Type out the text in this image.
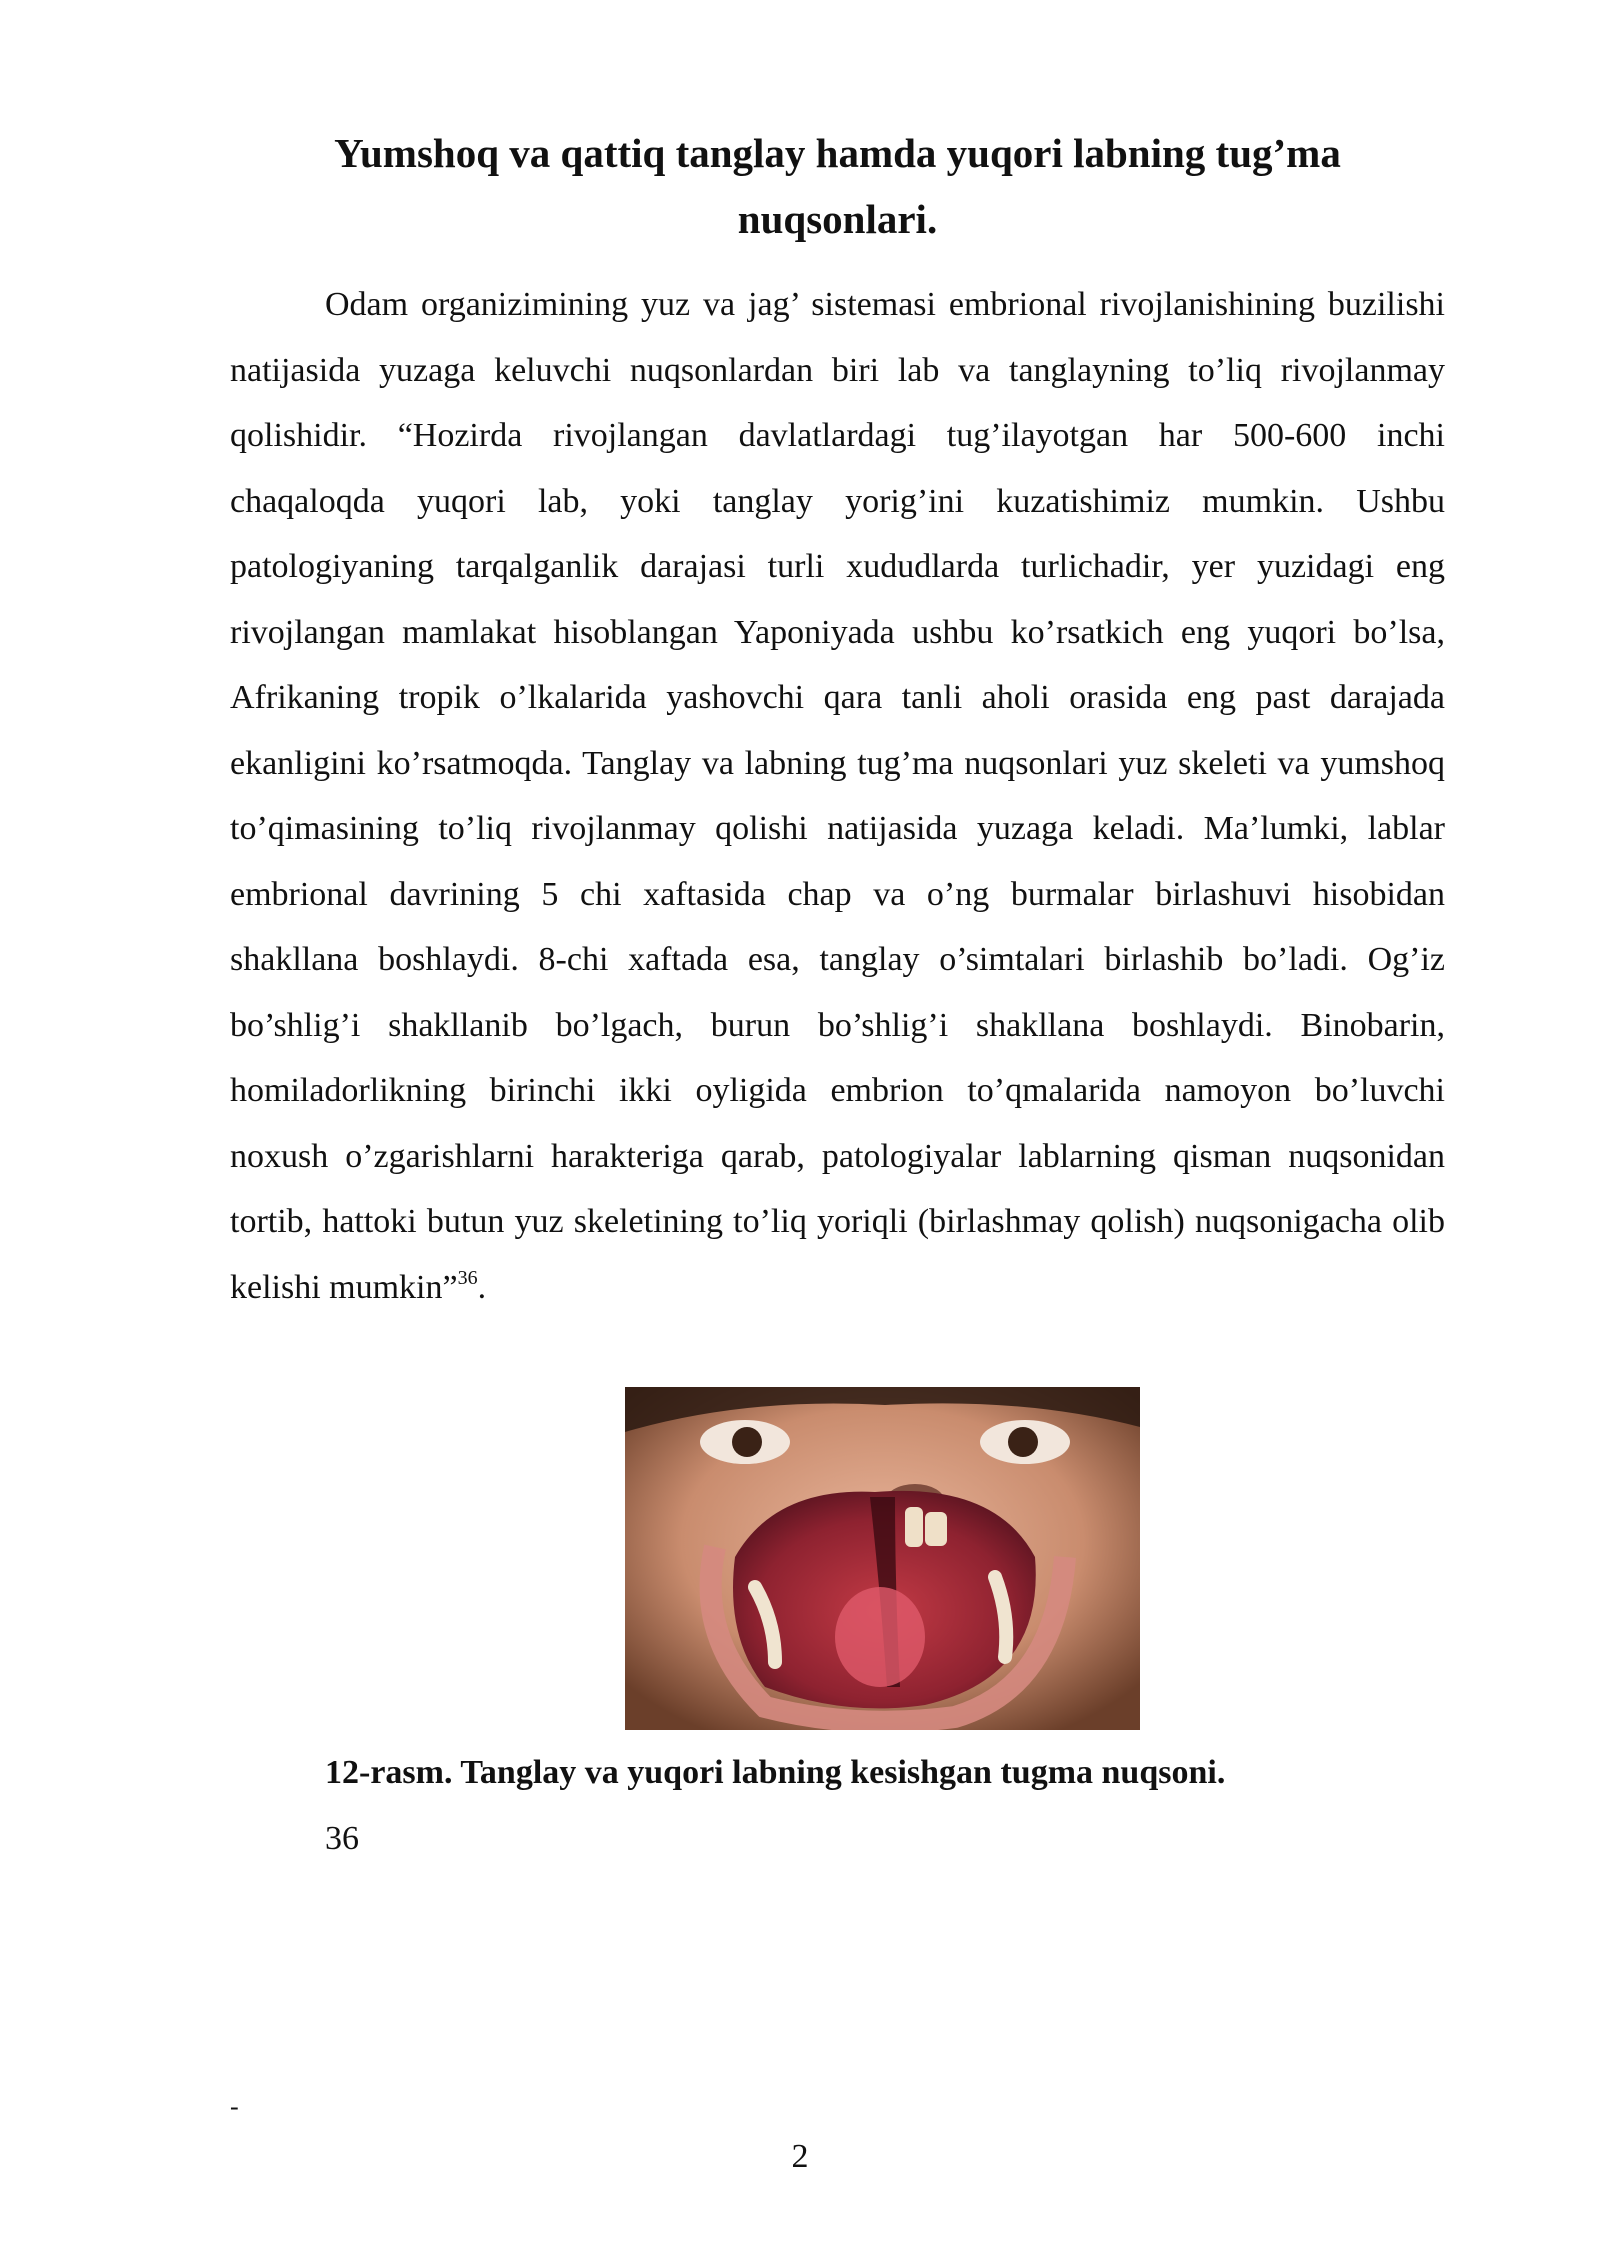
Yumshoq va qattiq tanglay hamda yuqori labning tug’ma nuqsonlari.

Odam organizimining yuz va jag’ sistemasi embrional rivojlanishining buzilishi natijasida yuzaga keluvchi nuqsonlardan biri lab va tanglayning to’liq rivojlanmay qolishidir. “Hozirda rivojlangan davlatlardagi tug’ilayotgan har 500-600 inchi chaqaloqda yuqori lab, yoki tanglay yorig’ini kuzatishimiz mumkin. Ushbu patologiyaning tarqalganlik darajasi turli xududlarda turlichadir, yer yuzidagi eng rivojlangan mamlakat hisoblangan Yaponiyada ushbu ko’rsatkich eng yuqori bo’lsa, Afrikaning tropik o’lkalarida yashovchi qara tanli aholi orasida eng past darajada ekanligini ko’rsatmoqda. Tanglay va labning tug’ma nuqsonlari yuz skeleti va yumshoq to’qimasining to’liq rivojlanmay qolishi natijasida yuzaga keladi. Ma’lumki, lablar embrional davrining 5 chi xaftasida chap va o’ng burmalar birlashuvi hisobidan shakllana boshlaydi. 8-chi xaftada esa, tanglay o’simtalari birlashib bo’ladi. Og’iz bo’shlig’i shakllanib bo’lgach, burun bo’shlig’i shakllana boshlaydi. Binobarin, homiladorlikning birinchi ikki oyligida embrion to’qmalarida namoyon bo’luvchi noxush o’zgarishlarni harakteriga qarab, patologiyalar lablarning qisman nuqsonidan tortib, hattoki butun yuz skeletining to’liq yoriqli (birlashmay qolish) nuqsonigacha olib kelishi mumkin”$^{36}$.

12-rasm. Tanglay va yuqori labning kesishgan tugma nuqsoni.

36

-

2
